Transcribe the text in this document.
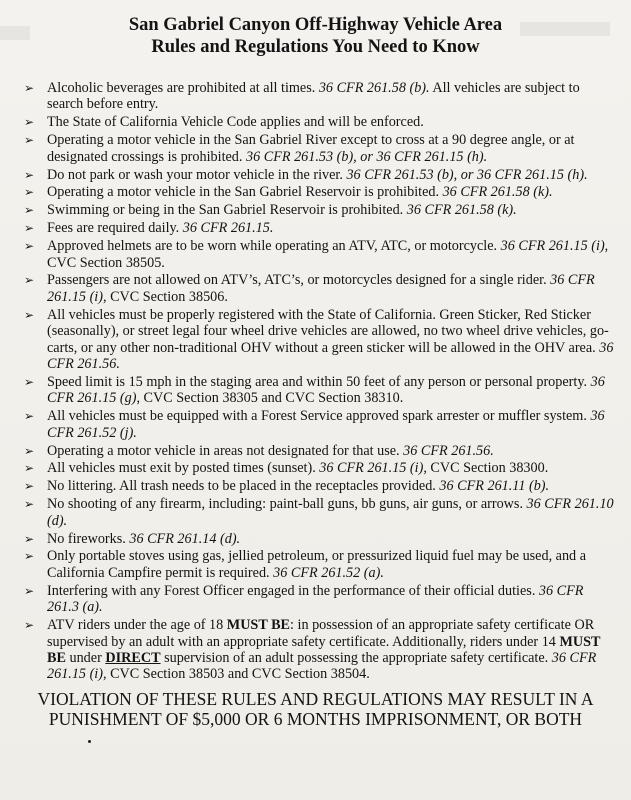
San Gabriel Canyon Off-Highway Vehicle Area
Rules and Regulations You Need to Know
➢ Alcoholic beverages are prohibited at all times. 36 CFR 261.58 (b). All vehicles are subject to search before entry.
➢ The State of California Vehicle Code applies and will be enforced.
➢ Operating a motor vehicle in the San Gabriel River except to cross at a 90 degree angle, or at designated crossings is prohibited. 36 CFR 261.53 (b), or 36 CFR 261.15 (h).
➢ Do not park or wash your motor vehicle in the river. 36 CFR 261.53 (b), or 36 CFR 261.15 (h).
➢ Operating a motor vehicle in the San Gabriel Reservoir is prohibited. 36 CFR 261.58 (k).
➢ Swimming or being in the San Gabriel Reservoir is prohibited. 36 CFR 261.58 (k).
➢ Fees are required daily. 36 CFR 261.15.
➢ Approved helmets are to be worn while operating an ATV, ATC, or motorcycle. 36 CFR 261.15 (i), CVC Section 38505.
➢ Passengers are not allowed on ATV’s, ATC’s, or motorcycles designed for a single rider. 36 CFR 261.15 (i), CVC Section 38506.
➢ All vehicles must be properly registered with the State of California. Green Sticker, Red Sticker (seasonally), or street legal four wheel drive vehicles are allowed, no two wheel drive vehicles, go-carts, or any other non-traditional OHV without a green sticker will be allowed in the OHV area. 36 CFR 261.56.
➢ Speed limit is 15 mph in the staging area and within 50 feet of any person or personal property. 36 CFR 261.15 (g), CVC Section 38305 and CVC Section 38310.
➢ All vehicles must be equipped with a Forest Service approved spark arrester or muffler system. 36 CFR 261.52 (j).
➢ Operating a motor vehicle in areas not designated for that use. 36 CFR 261.56.
➢ All vehicles must exit by posted times (sunset). 36 CFR 261.15 (i), CVC Section 38300.
➢ No littering. All trash needs to be placed in the receptacles provided. 36 CFR 261.11 (b).
➢ No shooting of any firearm, including: paint-ball guns, bb guns, air guns, or arrows. 36 CFR 261.10 (d).
➢ No fireworks. 36 CFR 261.14 (d).
➢ Only portable stoves using gas, jellied petroleum, or pressurized liquid fuel may be used, and a California Campfire permit is required. 36 CFR 261.52 (a).
➢ Interfering with any Forest Officer engaged in the performance of their official duties. 36 CFR 261.3 (a).
➢ ATV riders under the age of 18 MUST BE: in possession of an appropriate safety certificate OR supervised by an adult with an appropriate safety certificate. Additionally, riders under 14 MUST BE under DIRECT supervision of an adult possessing the appropriate safety certificate. 36 CFR 261.15 (i), CVC Section 38503 and CVC Section 38504.
VIOLATION OF THESE RULES AND REGULATIONS MAY RESULT IN A PUNISHMENT OF $5,000 OR 6 MONTHS IMPRISONMENT, OR BOTH
